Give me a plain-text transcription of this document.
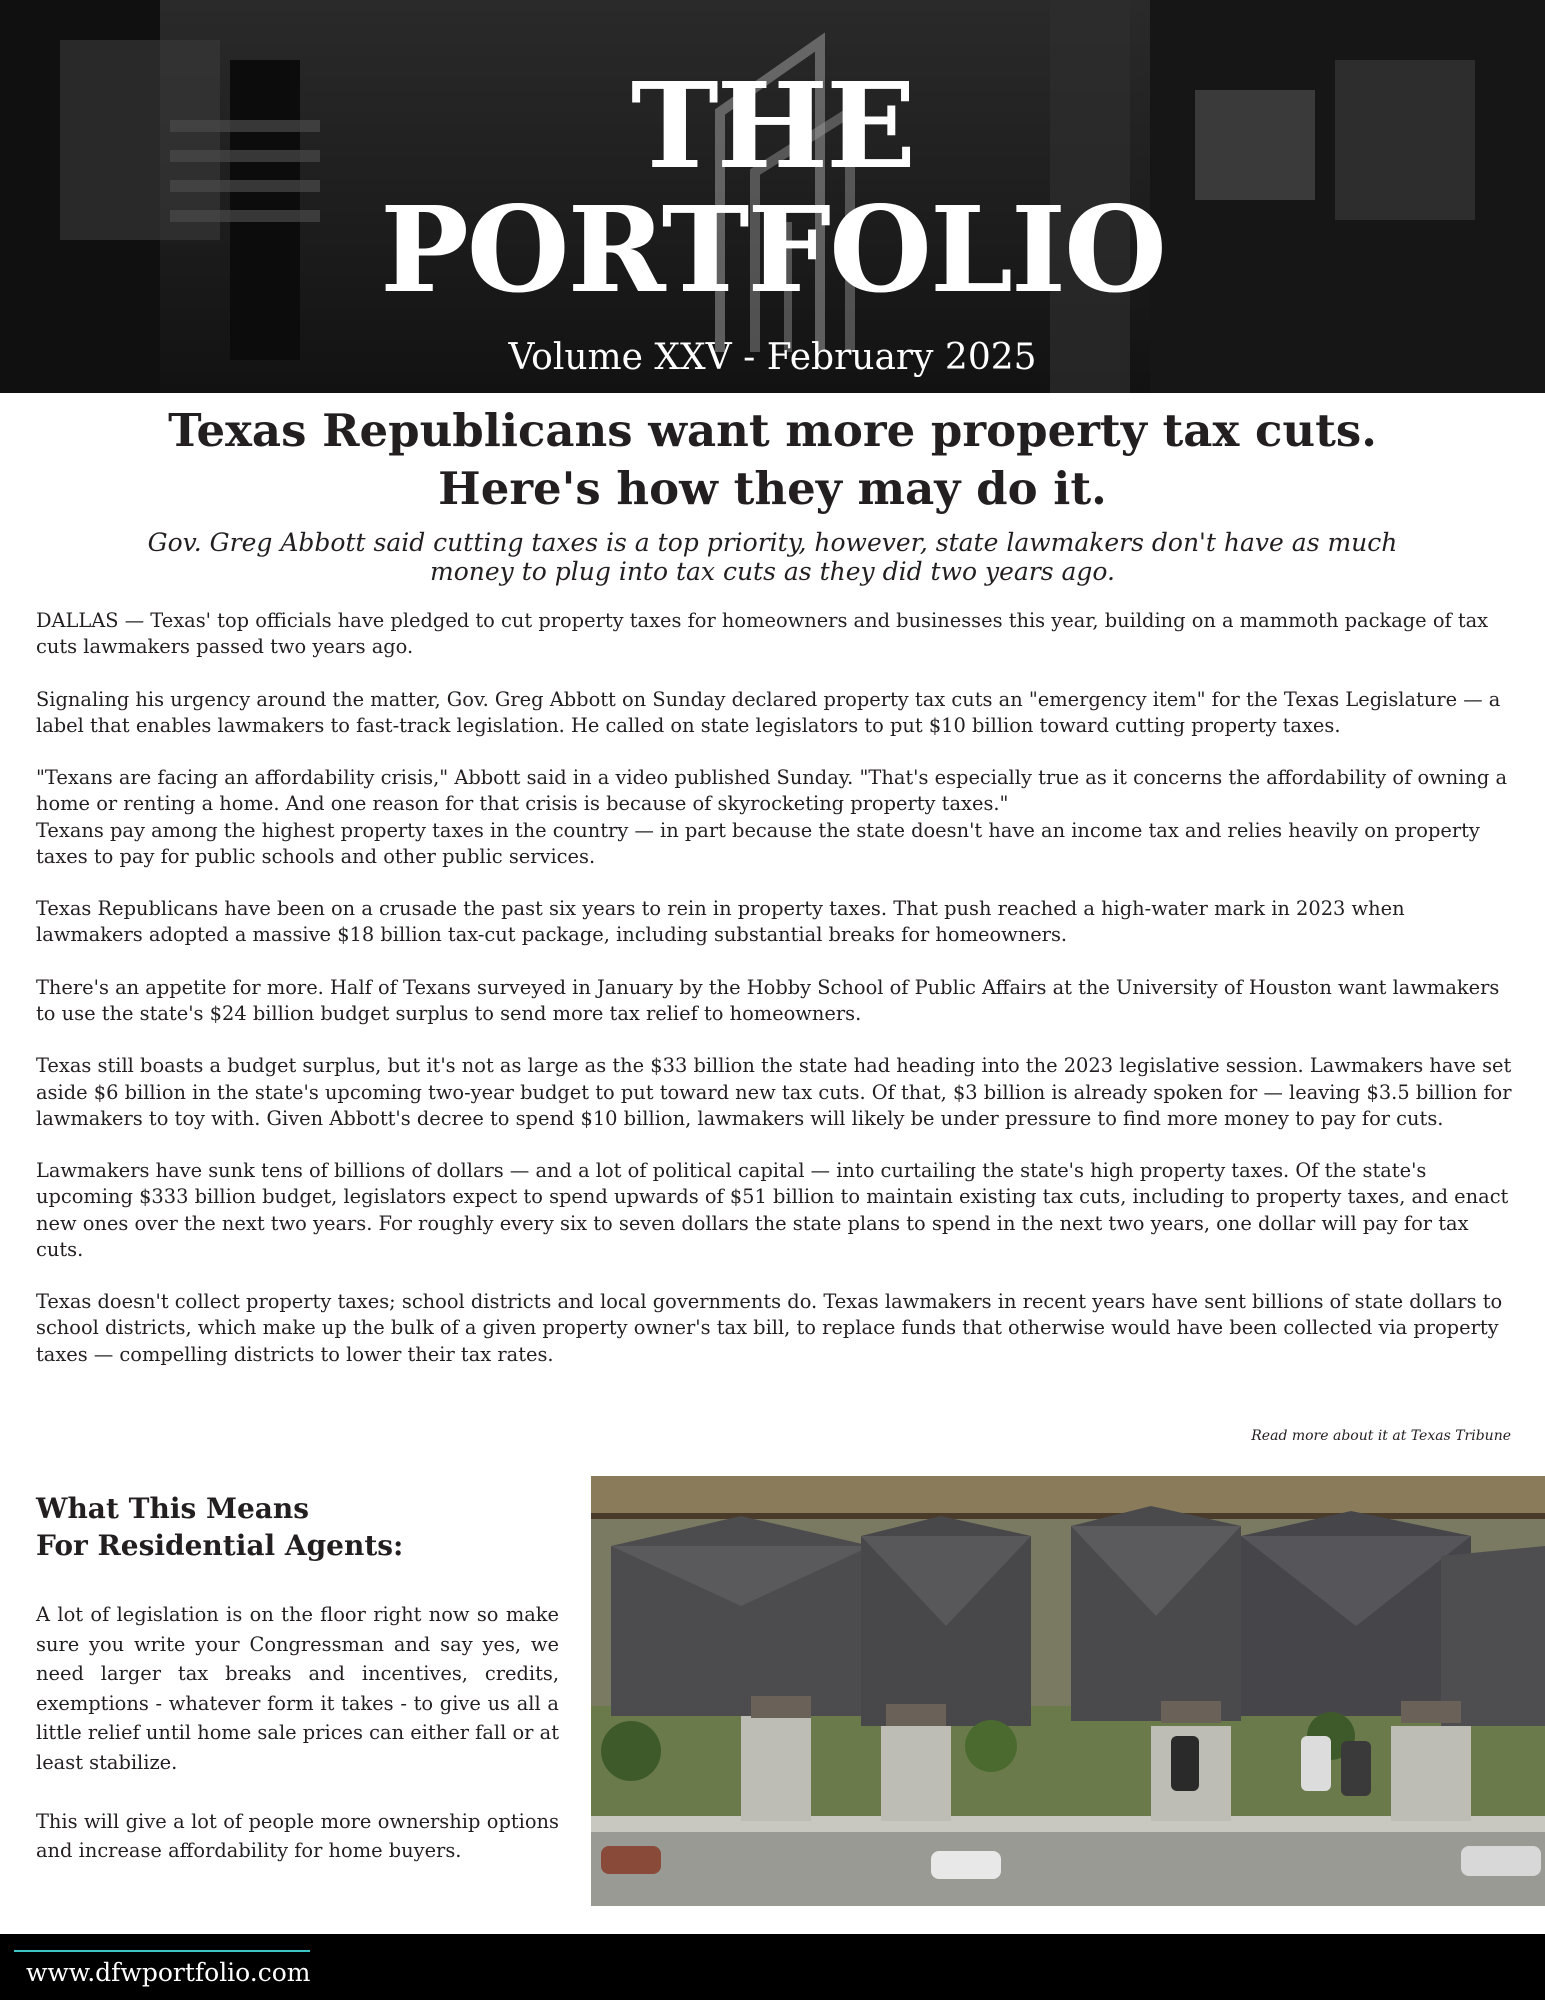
THE
PORTFOLIO
Volume XXV - February 2025
Texas Republicans want more property tax cuts.
Here's how they may do it.
Gov. Greg Abbott said cutting taxes is a top priority, however, state lawmakers don't have as much money to plug into tax cuts as they did two years ago.

DALLAS — Texas' top officials have pledged to cut property taxes for homeowners and businesses this year, building on a mammoth package of tax cuts lawmakers passed two years ago.

Signaling his urgency around the matter, Gov. Greg Abbott on Sunday declared property tax cuts an "emergency item" for the Texas Legislature — a label that enables lawmakers to fast-track legislation. He called on state legislators to put $10 billion toward cutting property taxes.

"Texans are facing an affordability crisis," Abbott said in a video published Sunday. "That's especially true as it concerns the affordability of owning a home or renting a home. And one reason for that crisis is because of skyrocketing property taxes."

Texans pay among the highest property taxes in the country — in part because the state doesn't have an income tax and relies heavily on property taxes to pay for public schools and other public services.

Texas Republicans have been on a crusade the past six years to rein in property taxes. That push reached a high-water mark in 2023 when lawmakers adopted a massive $18 billion tax-cut package, including substantial breaks for homeowners.

There's an appetite for more. Half of Texans surveyed in January by the Hobby School of Public Affairs at the University of Houston want lawmakers to use the state's $24 billion budget surplus to send more tax relief to homeowners.

Texas still boasts a budget surplus, but it's not as large as the $33 billion the state had heading into the 2023 legislative session. Lawmakers have set aside $6 billion in the state's upcoming two-year budget to put toward new tax cuts. Of that, $3 billion is already spoken for — leaving $3.5 billion for lawmakers to toy with. Given Abbott's decree to spend $10 billion, lawmakers will likely be under pressure to find more money to pay for cuts.

Lawmakers have sunk tens of billions of dollars — and a lot of political capital — into curtailing the state's high property taxes. Of the state's upcoming $333 billion budget, legislators expect to spend upwards of $51 billion to maintain existing tax cuts, including to property taxes, and enact new ones over the next two years. For roughly every six to seven dollars the state plans to spend in the next two years, one dollar will pay for tax cuts.

Texas doesn't collect property taxes; school districts and local governments do. Texas lawmakers in recent years have sent billions of state dollars to school districts, which make up the bulk of a given property owner's tax bill, to replace funds that otherwise would have been collected via property taxes — compelling districts to lower their tax rates.

Read more about it at Texas Tribune
What This Means
For Residential Agents:

A lot of legislation is on the floor right now so make sure you write your Congressman and say yes, we need larger tax breaks and incentives, credits, exemptions - whatever form it takes - to give us all a little relief until home sale prices can either fall or at least stabilize.

This will give a lot of people more ownership options and increase affordability for home buyers.

www.dfwportfolio.com
